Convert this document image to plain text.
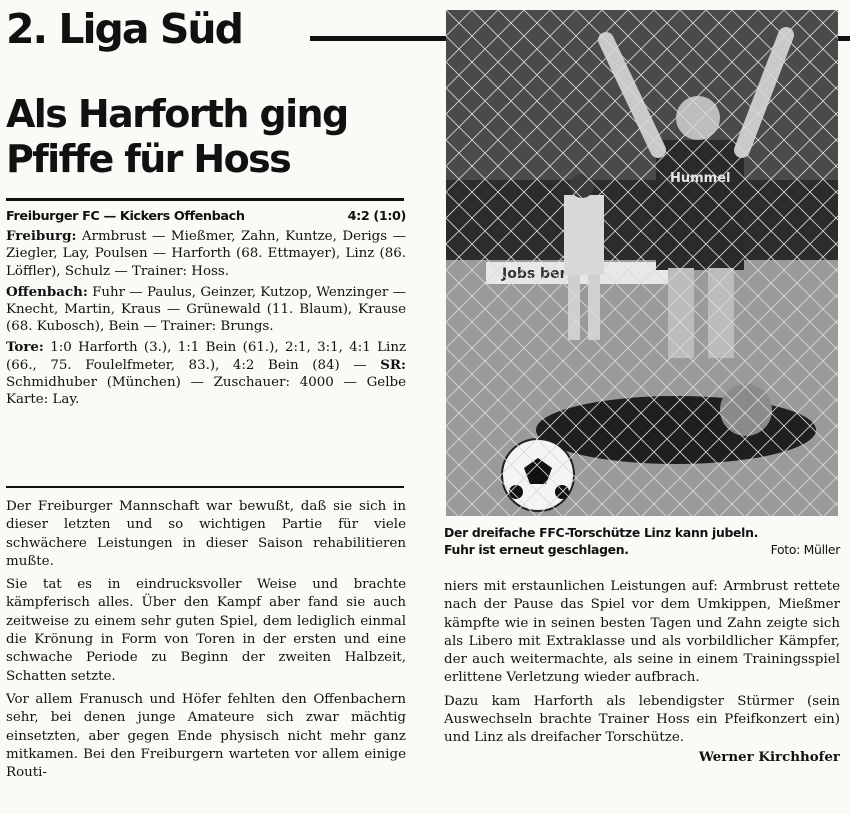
2. Liga Süd
Als Harforth ging
Pfiffe für Hoss
Freiburger FC — Kickers Offenbach	4:2 (1:0)

Freiburg: Armbrust — Mießmer, Zahn, Kuntze, Derigs — Ziegler, Lay, Poulsen — Harforth (68. Ettmayer), Linz (86. Löffler), Schulz — Trainer: Hoss.

Offenbach: Fuhr — Paulus, Geinzer, Kutzop, Wenzinger — Knecht, Martin, Kraus — Grünewald (11. Blaum), Krause (68. Kubosch), Bein — Trainer: Brungs.

Tore: 1:0 Harforth (3.), 1:1 Bein (61.), 2:1, 3:1, 4:1 Linz (66., 75. Foulelfmeter, 83.), 4:2 Bein (84) — SR: Schmidhuber (München) — Zuschauer: 4000 — Gelbe Karte: Lay.

Der Freiburger Mannschaft war bewußt, daß sie sich in dieser letzten und so wichtigen Partie für viele schwächere Leistungen in dieser Saison rehabilitieren mußte.

Sie tat es in eindrucksvoller Weise und brachte kämpferisch alles. Über den Kampf aber fand sie auch zeitweise zu einem sehr guten Spiel, dem lediglich einmal die Krönung in Form von Toren in der ersten und eine schwache Periode zu Beginn der zweiten Halbzeit, Schatten setzte.

Vor allem Franusch und Höfer fehlten den Offenbachern sehr, bei denen junge Amateure sich zwar mächtig einsetzten, aber gegen Ende physisch nicht mehr ganz mitkamen. Bei den Freiburgern warteten vor allem einige Routi-

Der dreifache FFC-Torschütze Linz kann jubeln.
Fuhr ist erneut geschlagen.	Foto: Müller

niers mit erstaunlichen Leistungen auf: Armbrust rettete nach der Pause das Spiel vor dem Umkippen, Mießmer kämpfte wie in seinen besten Tagen und Zahn zeigte sich als Libero mit Extraklasse und als vorbildlicher Kämpfer, der auch weitermachte, als seine in einem Trainingsspiel erlittene Verletzung wieder aufbrach.

Dazu kam Harforth als lebendigster Stürmer (sein Auswechseln brachte Trainer Hoss ein Pfeifkonzert ein) und Linz als dreifacher Torschütze.

Werner Kirchhofer
